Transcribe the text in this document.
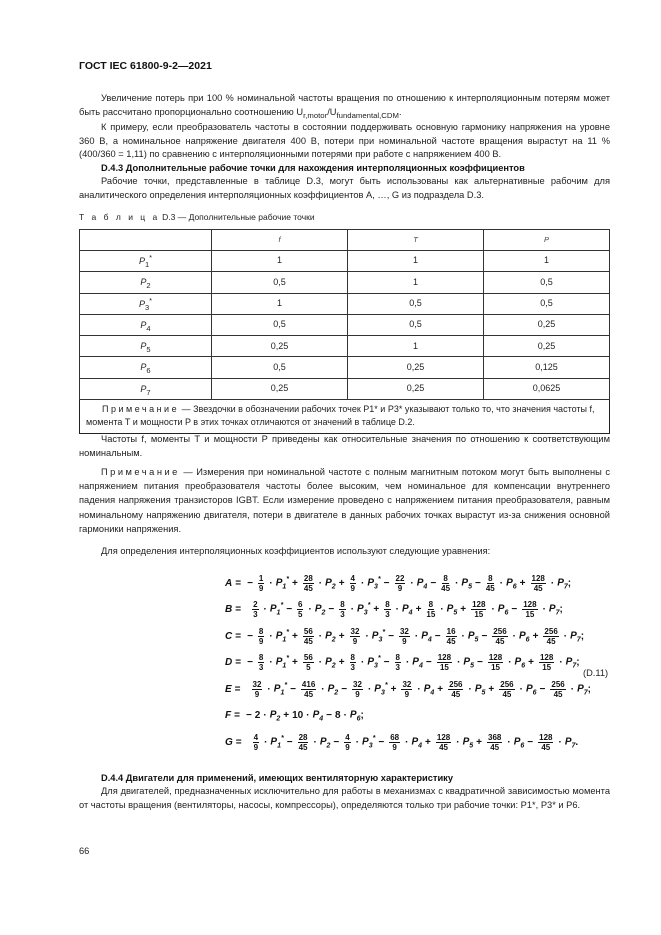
ГОСТ IEC 61800-9-2—2021
Увеличение потерь при 100 % номинальной частоты вращения по отношению к интерполяционным потерям может быть рассчитано пропорционально соотношению $U_{r,motor}/U_{fundamental,CDM}$.
К примеру, если преобразователь частоты в состоянии поддерживать основную гармонику напряжения на уровне 360 В, а номинальное напряжение двигателя 400 В, потери при номинальной частоте вращения вырастут на 11 % (400/360 = 1,11) по сравнению с интерполяционными потерями при работе с напряжением 400 В.
D.4.3 Дополнительные рабочие точки для нахождения интерполяционных коэффициентов
Рабочие точки, представленные в таблице D.3, могут быть использованы как альтернативные рабочим для аналитического определения интерполяционных коэффициентов A, …, G из подраздела D.3.
Т а б л и ц а D.3 — Дополнительные рабочие точки
	f	T	P
$P_1^*$	1	1	1
$P_2$	0,5	1	0,5
$P_3^*$	1	0,5	0,5
$P_4$	0,5	0,5	0,25
$P_5$	0,25	1	0,25
$P_6$	0,5	0,25	0,125
$P_7$	0,25	0,25	0,0625
Примечание — Звездочки в обозначении рабочих точек P1* и P3* указывают только то, что значения частоты f, момента T и мощности P в этих точках отличаются от значений в таблице D.2.			
Частоты f, моменты T и мощности P приведены как относительные значения по отношению к соответствующим номинальным.
Примечание — Измерения при номинальной частоте с полным магнитным потоком могут быть выполнены с напряжением питания преобразователя частоты более высоким, чем номинальное для компенсации внутреннего падения напряжения транзисторов IGBT. Если измерение проведено с напряжением питания преобразователя, равным номинальному напряжению двигателя, потери в двигателе в данных рабочих точках вырастут из-за снижения основной гармоники напряжения.
Для определения интерполяционных коэффициентов используют следующие уравнения:
A = − $\frac{1}{9} \cdot P_1^* + \frac{28}{45} \cdot P_2 + \frac{4}{9} \cdot P_3^* - \frac{22}{9} \cdot P_4 - \frac{8}{45} \cdot P_5 - \frac{8}{45} \cdot P_6 + \frac{128}{45} \cdot P_7$ ;
$B = \frac{2}{3} \cdot P_1^* - \frac{6}{5} \cdot P_2 - \frac{8}{3} \cdot P_3^* + \frac{8}{3} \cdot P_4 + \frac{8}{15} \cdot P_5 + \frac{128}{15} \cdot P_6 - \frac{128}{15} \cdot P_7$ ;
C = − $\frac{8}{9} \cdot P_1^* + \frac{56}{45} \cdot P_2 + \frac{32}{9} \cdot P_3^* - \frac{32}{9} \cdot P_4 - \frac{16}{45} \cdot P_5 - \frac{256}{45} \cdot P_6 + \frac{256}{45} \cdot P_7$ ;
D = − $\frac{8}{3} \cdot P_1^* + \frac{56}{5} \cdot P_2 + \frac{8}{3} \cdot P_3^* - \frac{8}{3} \cdot P_4 - \frac{128}{15} \cdot P_5 - \frac{128}{15} \cdot P_6 + \frac{128}{15} \cdot P_7$ ;
$E = \frac{32}{9} \cdot P_1^* - \frac{416}{45} \cdot P_2 - \frac{32}{9} \cdot P_3^* + \frac{32}{9} \cdot P_4 + \frac{256}{45} \cdot P_5 + \frac{256}{45} \cdot P_6 - \frac{256}{45} \cdot P_7$ ;
F = − $2 \cdot P_2 + 10 \cdot P_4 - 8 \cdot P_6$ ;
$G = \frac{4}{9} \cdot P_1^* - \frac{28}{45} \cdot P_2 - \frac{4}{9} \cdot P_3^* - \frac{68}{9} \cdot P_4 + \frac{128}{45} \cdot P_5 + \frac{368}{45} \cdot P_6 - \frac{128}{45} \cdot P_7$ .
(D.11)
D.4.4 Двигатели для применений, имеющих вентиляторную характеристику
Для двигателей, предназначенных исключительно для работы в механизмах с квадратичной зависимостью момента от частоты вращения (вентиляторы, насосы, компрессоры), определяются только три рабочие точки: P1*, P3* и P6.
66
